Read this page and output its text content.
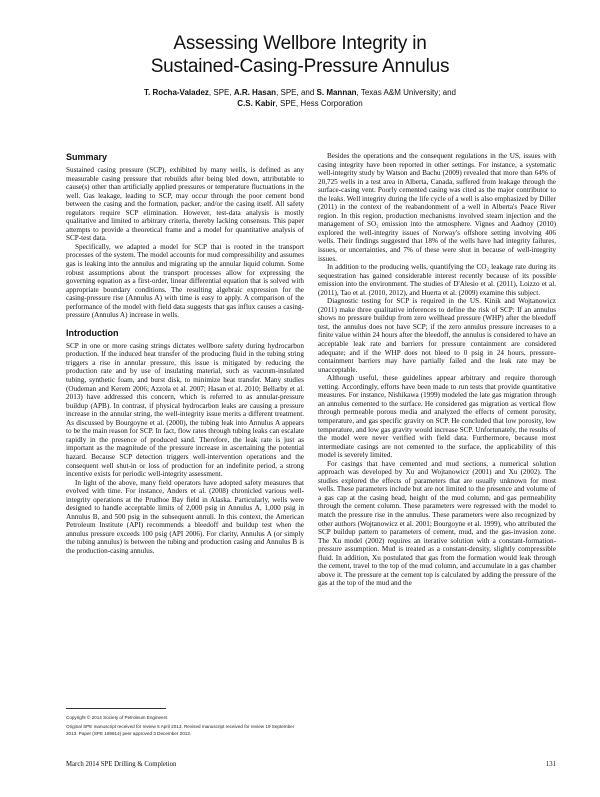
Assessing Wellbore Integrity in
Sustained-Casing-Pressure Annulus
T. Rocha-Valadez, SPE, A.R. Hasan, SPE, and S. Mannan, Texas A&M University; and
C.S. Kabir, SPE, Hess Corporation
Summary

Sustained casing pressure (SCP), exhibited by many wells, is defined as any measurable casing pressure that rebuilds after being bled down, attributable to cause(s) other than artificially applied pressures or temperature fluctuations in the well. Gas leakage, leading to SCP, may occur through the poor cement bond between the casing and the formation, packer, and/or the casing itself. All safety regulators require SCP elimination. However, test-data analysis is mostly qualitative and limited to arbitrary criteria, thereby lacking consensus. This paper attempts to provide a theoretical frame and a model for quantitative analysis of SCP-test data.

Specifically, we adapted a model for SCP that is rooted in the transport processes of the system. The model accounts for mud compressibility and assumes gas is leaking into the annulus and migrating up the annular liquid column. Some robust assumptions about the transport processes allow for expressing the governing equation as a first-order, linear differential equation that is solved with appropriate boundary conditions. The resulting algebraic expression for the casing-pressure rise (Annulus A) with time is easy to apply. A comparison of the performance of the model with field data suggests that gas influx causes a casing-pressure (Annulus A) increase in wells.

Introduction

SCP in one or more casing strings dictates wellbore safety during hydrocarbon production. If the induced heat transfer of the producing fluid in the tubing string triggers a rise in annular pressure, this issue is mitigated by reducing the production rate and by use of insulating material, such as vacuum-insulated tubing, synthetic foam, and burst disk, to minimize heat transfer. Many studies (Oudeman and Kerem 2006; Azzola et al. 2007; Hasan et al. 2010; Bellarby et al. 2013) have addressed this concern, which is referred to as annular-pressure buildup (APB). In contrast, if physical hydrocarbon leaks are causing a pressure increase in the annular string, the well-integrity issue merits a different treatment. As discussed by Bourgoyne et al. (2000), the tubing leak into Annulus A appears to be the main reason for SCP. In fact, flow rates through tubing leaks can escalate rapidly in the presence of produced sand. Therefore, the leak rate is just as important as the magnitude of the pressure increase in ascertaining the potential hazard. Because SCP detection triggers well-intervention operations and the consequent well shut-in or loss of production for an indefinite period, a strong incentive exists for periodic well-integrity assessment.

In light of the above, many field operators have adopted safety measures that evolved with time. For instance, Anders et al. (2008) chronicled various well-integrity operations at the Prudhoe Bay field in Alaska. Particularly, wells were designed to handle acceptable limits of 2,000 psig in Annulus A, 1,000 psig in Annulus B, and 500 psig in the subsequent annuli. In this context, the American Petroleum Institute (API) recommends a bleedoff and buildup test when the annulus pressure exceeds 100 psig (API 2006). For clarity, Annulus A (or simply the tubing annulus) is between the tubing and production casing and Annulus B is the production-casing annulus.

Copyright © 2014 Society of Petroleum Engineers

Original SPE manuscript received for review 5 April 2013. Revised manuscript received for review 19 September 2013. Paper (SPE 169814) peer approved 3 December 2013.

Besides the operations and the consequent regulations in the US, issues with casing integrity have been reported in other settings. For instance, a systematic well-integrity study by Watson and Bachu (2009) revealed that more than 64% of 20,725 wells in a test area in Alberta, Canada, suffered from leakage through the surface-casing vent. Poorly cemented casing was cited as the major contributor to the leaks. Well integrity during the life cycle of a well is also emphasized by Diller (2011) in the context of the reabandonment of a well in Alberta's Peace River region. In this region, production mechanisms involved steam injection and the management of SO₂ emission into the atmosphere. Vignes and Aadnoy (2010) explored the well-integrity issues of Norway's offshore setting involving 406 wells. Their findings suggested that 18% of the wells have had integrity failures, issues, or uncertainties, and 7% of these were shut in because of well-integrity issues.

In addition to the producing wells, quantifying the CO₂ leakage rate during its sequestration has gained considerable interest recently because of its possible emission into the environment. The studies of D'Alesio et al. (2011), Loizzo et al. (2011), Tao et al. (2010, 2012), and Huerta et al. (2009) examine this subject.

Diagnostic testing for SCP is required in the US. Kinik and Wojtanowicz (2011) make three qualitative inferences to define the risk of SCP: If an annulus shows no pressure buildup from zero wellhead pressure (WHP) after the bleedoff test, the annulus does not have SCP; if the zero annulus pressure increases to a finite value within 24 hours after the bleedoff, the annulus is considered to have an acceptable leak rate and barriers for pressure containment are considered adequate; and if the WHP does not bleed to 0 psig in 24 hours, pressure-containment barriers may have partially failed and the leak rate may be unacceptable.

Although useful, these guidelines appear arbitrary and require thorough vetting. Accordingly, efforts have been made to run tests that provide quantitative measures. For instance, Nishikawa (1999) modeled the late gas migration through an annulus cemented to the surface. He considered gas migration as vertical flow through permeable porous media and analyzed the effects of cement porosity, temperature, and gas specific gravity on SCP. He concluded that low porosity, low temperature, and low gas gravity would increase SCP. Unfortunately, the results of the model were never verified with field data. Furthermore, because most intermediate casings are not cemented to the surface, the applicability of this model is severely limited.

For casings that have cemented and mud sections, a numerical solution approach was developed by Xu and Wojtanowicz (2001) and Xu (2002). The studies explored the effects of parameters that are usually unknown for most wells. These parameters include but are not limited to the presence and volume of a gas cap at the casing head, height of the mud column, and gas permeability through the cement column. These parameters were regressed with the model to match the pressure rise in the annulus. These parameters were also recognized by other authors (Wojtanowicz et al. 2001; Bourgoyne et al. 1999), who attributed the SCP buildup pattern to parameters of cement, mud, and the gas-invasion zone. The Xu model (2002) requires an iterative solution with a constant-formation-pressure assumption. Mud is treated as a constant-density, slightly compressible fluid. In addition, Xu postulated that gas from the formation would leak through the cement, travel to the top of the mud column, and accumulate in a gas chamber above it. The pressure at the cement top is calculated by adding the pressure of the gas at the top of the mud and the

March 2014 SPE Drilling & Completion	131
